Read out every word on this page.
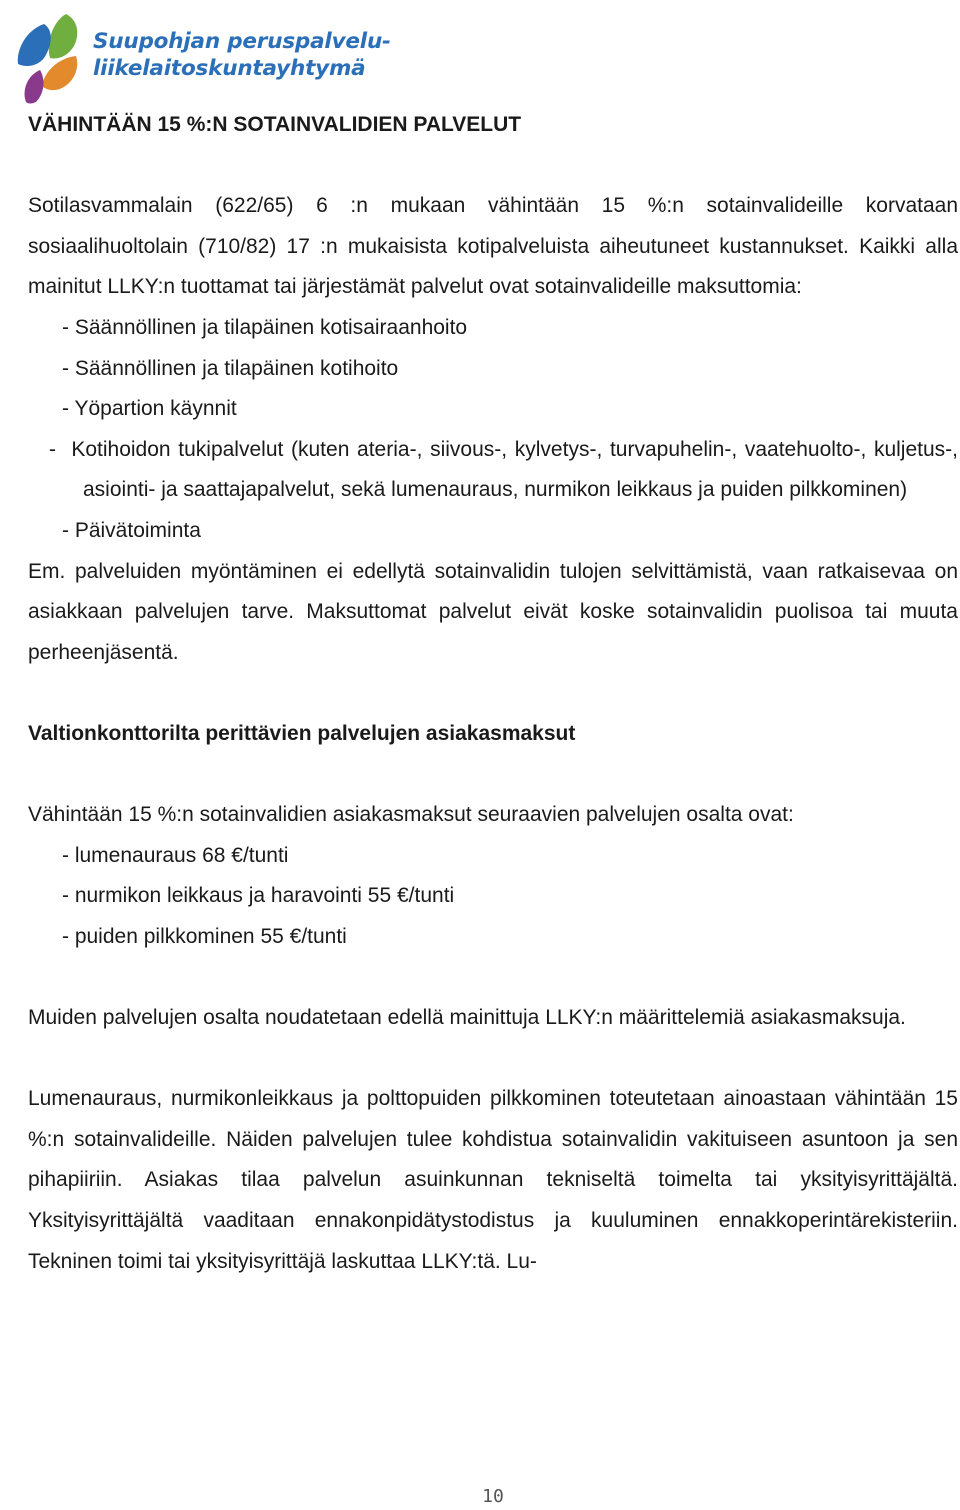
Suupohjan peruspalvelu-
liikelaitoskuntayhtymä

VÄHINTÄÄN 15 %:N SOTAINVALIDIEN PALVELUT

Sotilasvammalain (622/65) 6 :n mukaan vähintään 15 %:n sotainvalideille korvataan sosiaalihuoltolain (710/82) 17 :n mukaisista kotipalveluista aiheutuneet kustannukset. Kaikki alla mainitut LLKY:n tuottamat tai järjestämät palvelut ovat sotainvalideille maksuttomia:

- Säännöllinen ja tilapäinen kotisairaanhoito

- Säännöllinen ja tilapäinen kotihoito

- Yöpartion käynnit

-  Kotihoidon tukipalvelut (kuten ateria-, siivous-, kylvetys-, turvapuhelin-, vaatehuolto-, kuljetus-, asiointi- ja saattajapalvelut, sekä lumenauraus, nurmikon leikkaus ja puiden pilkkominen)

- Päivätoiminta

Em. palveluiden myöntäminen ei edellytä sotainvalidin tulojen selvittämistä, vaan ratkaisevaa on asiakkaan palvelujen tarve. Maksuttomat palvelut eivät koske sotainvalidin puolisoa tai muuta perheenjäsentä.

Valtionkonttorilta perittävien palvelujen asiakasmaksut

Vähintään 15 %:n sotainvalidien asiakasmaksut seuraavien palvelujen osalta ovat:

- lumenauraus 68 €/tunti

- nurmikon leikkaus ja haravointi 55 €/tunti

- puiden pilkkominen 55 €/tunti

Muiden palvelujen osalta noudatetaan edellä mainittuja LLKY:n määrittelemiä asiakasmaksuja.

Lumenauraus, nurmikonleikkaus ja polttopuiden pilkkominen toteutetaan ainoastaan vähintään 15 %:n sotainvalideille. Näiden palvelujen tulee kohdistua sotainvalidin vakituiseen asuntoon ja sen pihapiiriin. Asiakas tilaa palvelun asuinkunnan tekniseltä toimelta tai yksityisyrittäjältä. Yksityisyrittäjältä vaaditaan ennakonpidätystodistus ja kuuluminen ennakkoperintärekisteriin. Tekninen toimi tai yksityisyrittäjä laskuttaa LLKY:tä. Lu-

10
